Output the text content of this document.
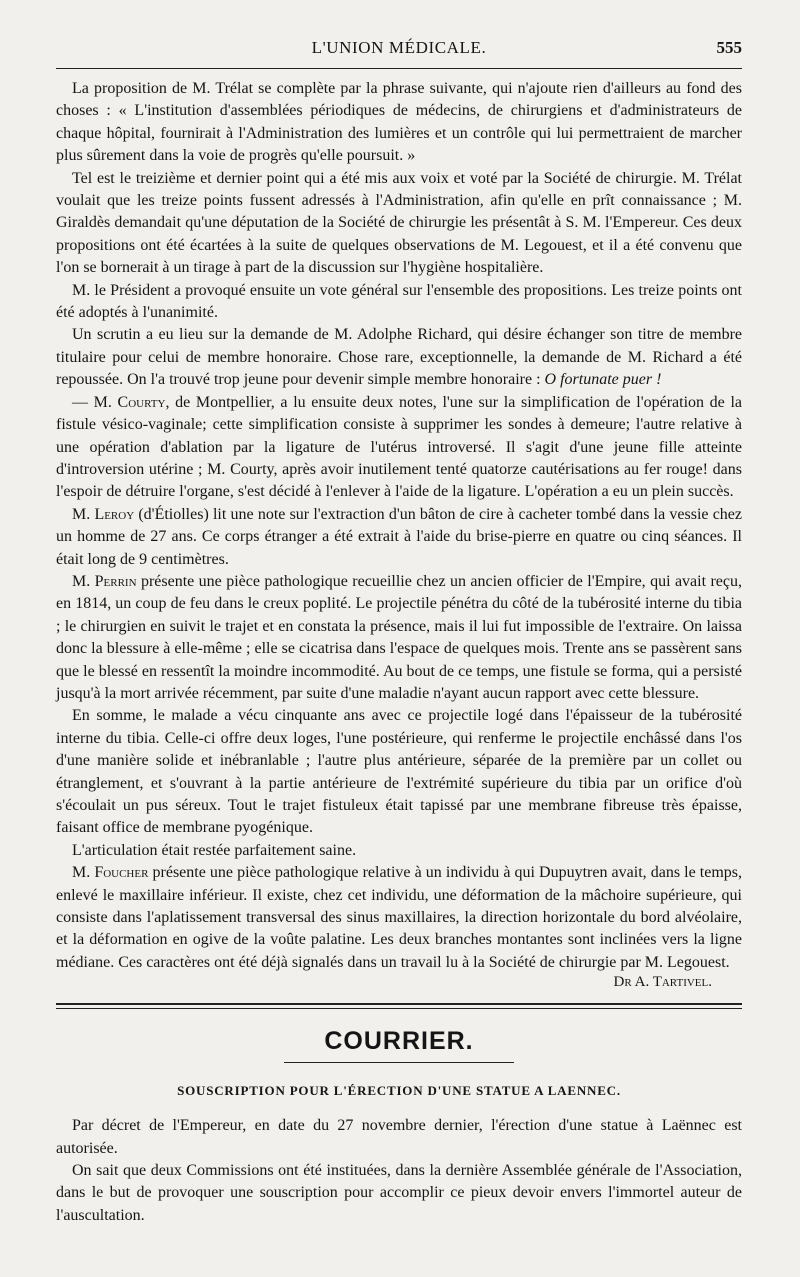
L'UNION MÉDICALE.	555

La proposition de M. Trélat se complète par la phrase suivante, qui n'ajoute rien d'ailleurs au fond des choses : « L'institution d'assemblées périodiques de médecins, de chirurgiens et d'administrateurs de chaque hôpital, fournirait à l'Administration des lumières et un contrôle qui lui permettraient de marcher plus sûrement dans la voie de progrès qu'elle poursuit. »

Tel est le treizième et dernier point qui a été mis aux voix et voté par la Société de chirurgie. M. Trélat voulait que les treize points fussent adressés à l'Administration, afin qu'elle en prît connaissance ; M. Giraldès demandait qu'une députation de la Société de chirurgie les présentât à S. M. l'Empereur. Ces deux propositions ont été écartées à la suite de quelques observations de M. Legouest, et il a été convenu que l'on se bornerait à un tirage à part de la discussion sur l'hygiène hospitalière.

M. le Président a provoqué ensuite un vote général sur l'ensemble des propositions. Les treize points ont été adoptés à l'unanimité.

Un scrutin a eu lieu sur la demande de M. Adolphe Richard, qui désire échanger son titre de membre titulaire pour celui de membre honoraire. Chose rare, exceptionnelle, la demande de M. Richard a été repoussée. On l'a trouvé trop jeune pour devenir simple membre honoraire : O fortunate puer !

— M. Courty, de Montpellier, a lu ensuite deux notes, l'une sur la simplification de l'opération de la fistule vésico-vaginale; cette simplification consiste à supprimer les sondes à demeure; l'autre relative à une opération d'ablation par la ligature de l'utérus introversé. Il s'agit d'une jeune fille atteinte d'introversion utérine ; M. Courty, après avoir inutilement tenté quatorze cautérisations au fer rouge! dans l'espoir de détruire l'organe, s'est décidé à l'enlever à l'aide de la ligature. L'opération a eu un plein succès.

M. Leroy (d'Étiolles) lit une note sur l'extraction d'un bâton de cire à cacheter tombé dans la vessie chez un homme de 27 ans. Ce corps étranger a été extrait à l'aide du brise-pierre en quatre ou cinq séances. Il était long de 9 centimètres.

M. Perrin présente une pièce pathologique recueillie chez un ancien officier de l'Empire, qui avait reçu, en 1814, un coup de feu dans le creux poplité. Le projectile pénétra du côté de la tubérosité interne du tibia ; le chirurgien en suivit le trajet et en constata la présence, mais il lui fut impossible de l'extraire. On laissa donc la blessure à elle-même ; elle se cicatrisa dans l'espace de quelques mois. Trente ans se passèrent sans que le blessé en ressentît la moindre incommodité. Au bout de ce temps, une fistule se forma, qui a persisté jusqu'à la mort arrivée récemment, par suite d'une maladie n'ayant aucun rapport avec cette blessure.

En somme, le malade a vécu cinquante ans avec ce projectile logé dans l'épaisseur de la tubérosité interne du tibia. Celle-ci offre deux loges, l'une postérieure, qui renferme le projectile enchâssé dans l'os d'une manière solide et inébranlable ; l'autre plus antérieure, séparée de la première par un collet ou étranglement, et s'ouvrant à la partie antérieure de l'extrémité supérieure du tibia par un orifice d'où s'écoulait un pus séreux. Tout le trajet fistuleux était tapissé par une membrane fibreuse très épaisse, faisant office de membrane pyogénique.

L'articulation était restée parfaitement saine.

M. Foucher présente une pièce pathologique relative à un individu à qui Dupuytren avait, dans le temps, enlevé le maxillaire inférieur. Il existe, chez cet individu, une déformation de la mâchoire supérieure, qui consiste dans l'aplatissement transversal des sinus maxillaires, la direction horizontale du bord alvéolaire, et la déformation en ogive de la voûte palatine. Les deux branches montantes sont inclinées vers la ligne médiane. Ces caractères ont été déjà signalés dans un travail lu à la Société de chirurgie par M. Legouest.

Dr A. Tartivel.
COURRIER.
SOUSCRIPTION POUR L'ÉRECTION D'UNE STATUE A LAENNEC.

Par décret de l'Empereur, en date du 27 novembre dernier, l'érection d'une statue à Laënnec est autorisée.

On sait que deux Commissions ont été instituées, dans la dernière Assemblée générale de l'Association, dans le but de provoquer une souscription pour accomplir ce pieux devoir envers l'immortel auteur de l'auscultation.
